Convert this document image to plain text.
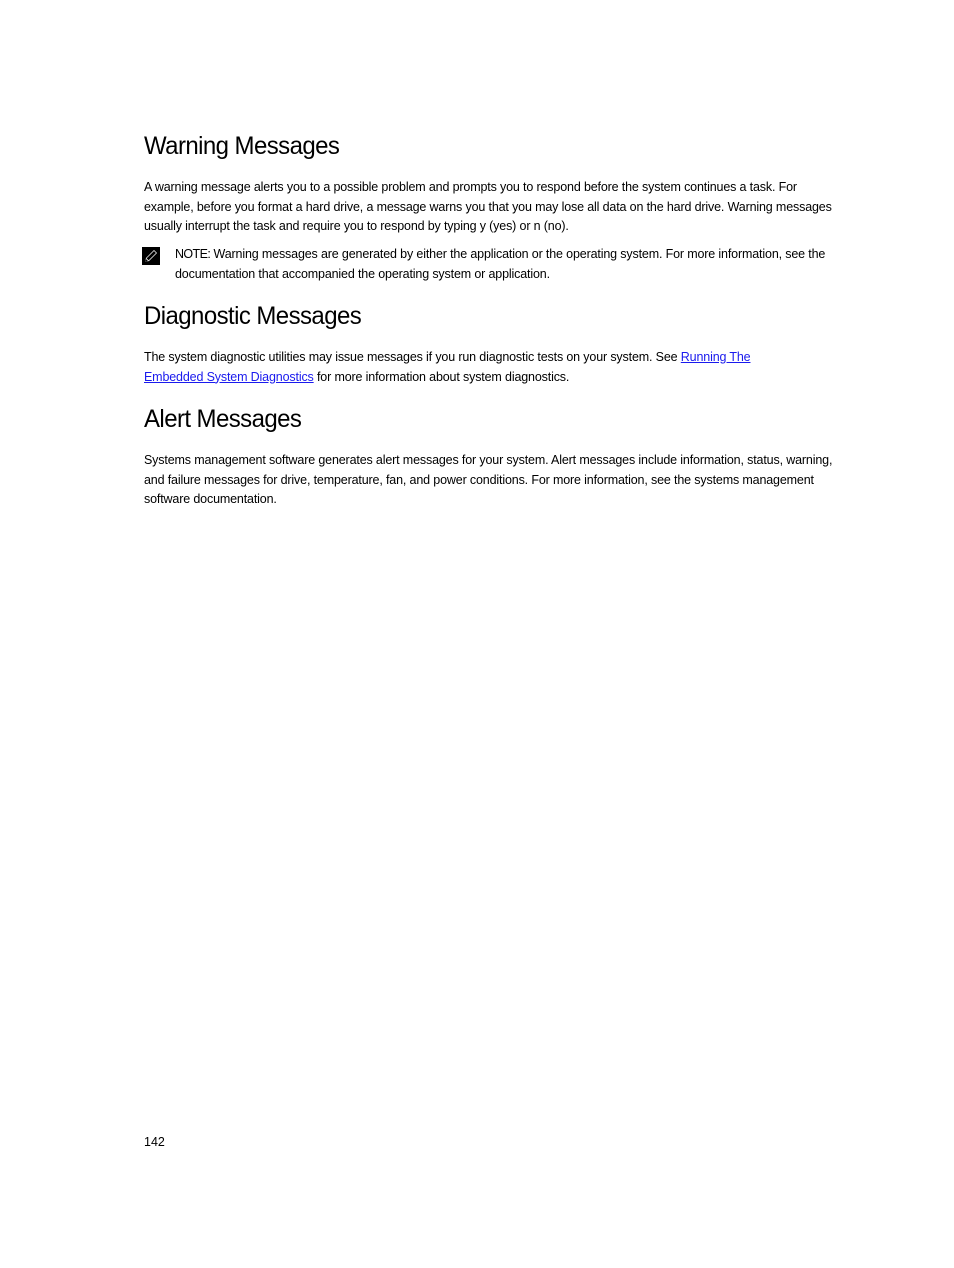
Warning Messages

A warning message alerts you to a possible problem and prompts you to respond before the system continues a task. For example, before you format a hard drive, a message warns you that you may lose all data on the hard drive. Warning messages usually interrupt the task and require you to respond by typing y (yes) or n (no).

NOTE: Warning messages are generated by either the application or the operating system. For more information, see the documentation that accompanied the operating system or application.

Diagnostic Messages

The system diagnostic utilities may issue messages if you run diagnostic tests on your system. See Running The Embedded System Diagnostics for more information about system diagnostics.

Alert Messages

Systems management software generates alert messages for your system. Alert messages include information, status, warning, and failure messages for drive, temperature, fan, and power conditions. For more information, see the systems management software documentation.

142
